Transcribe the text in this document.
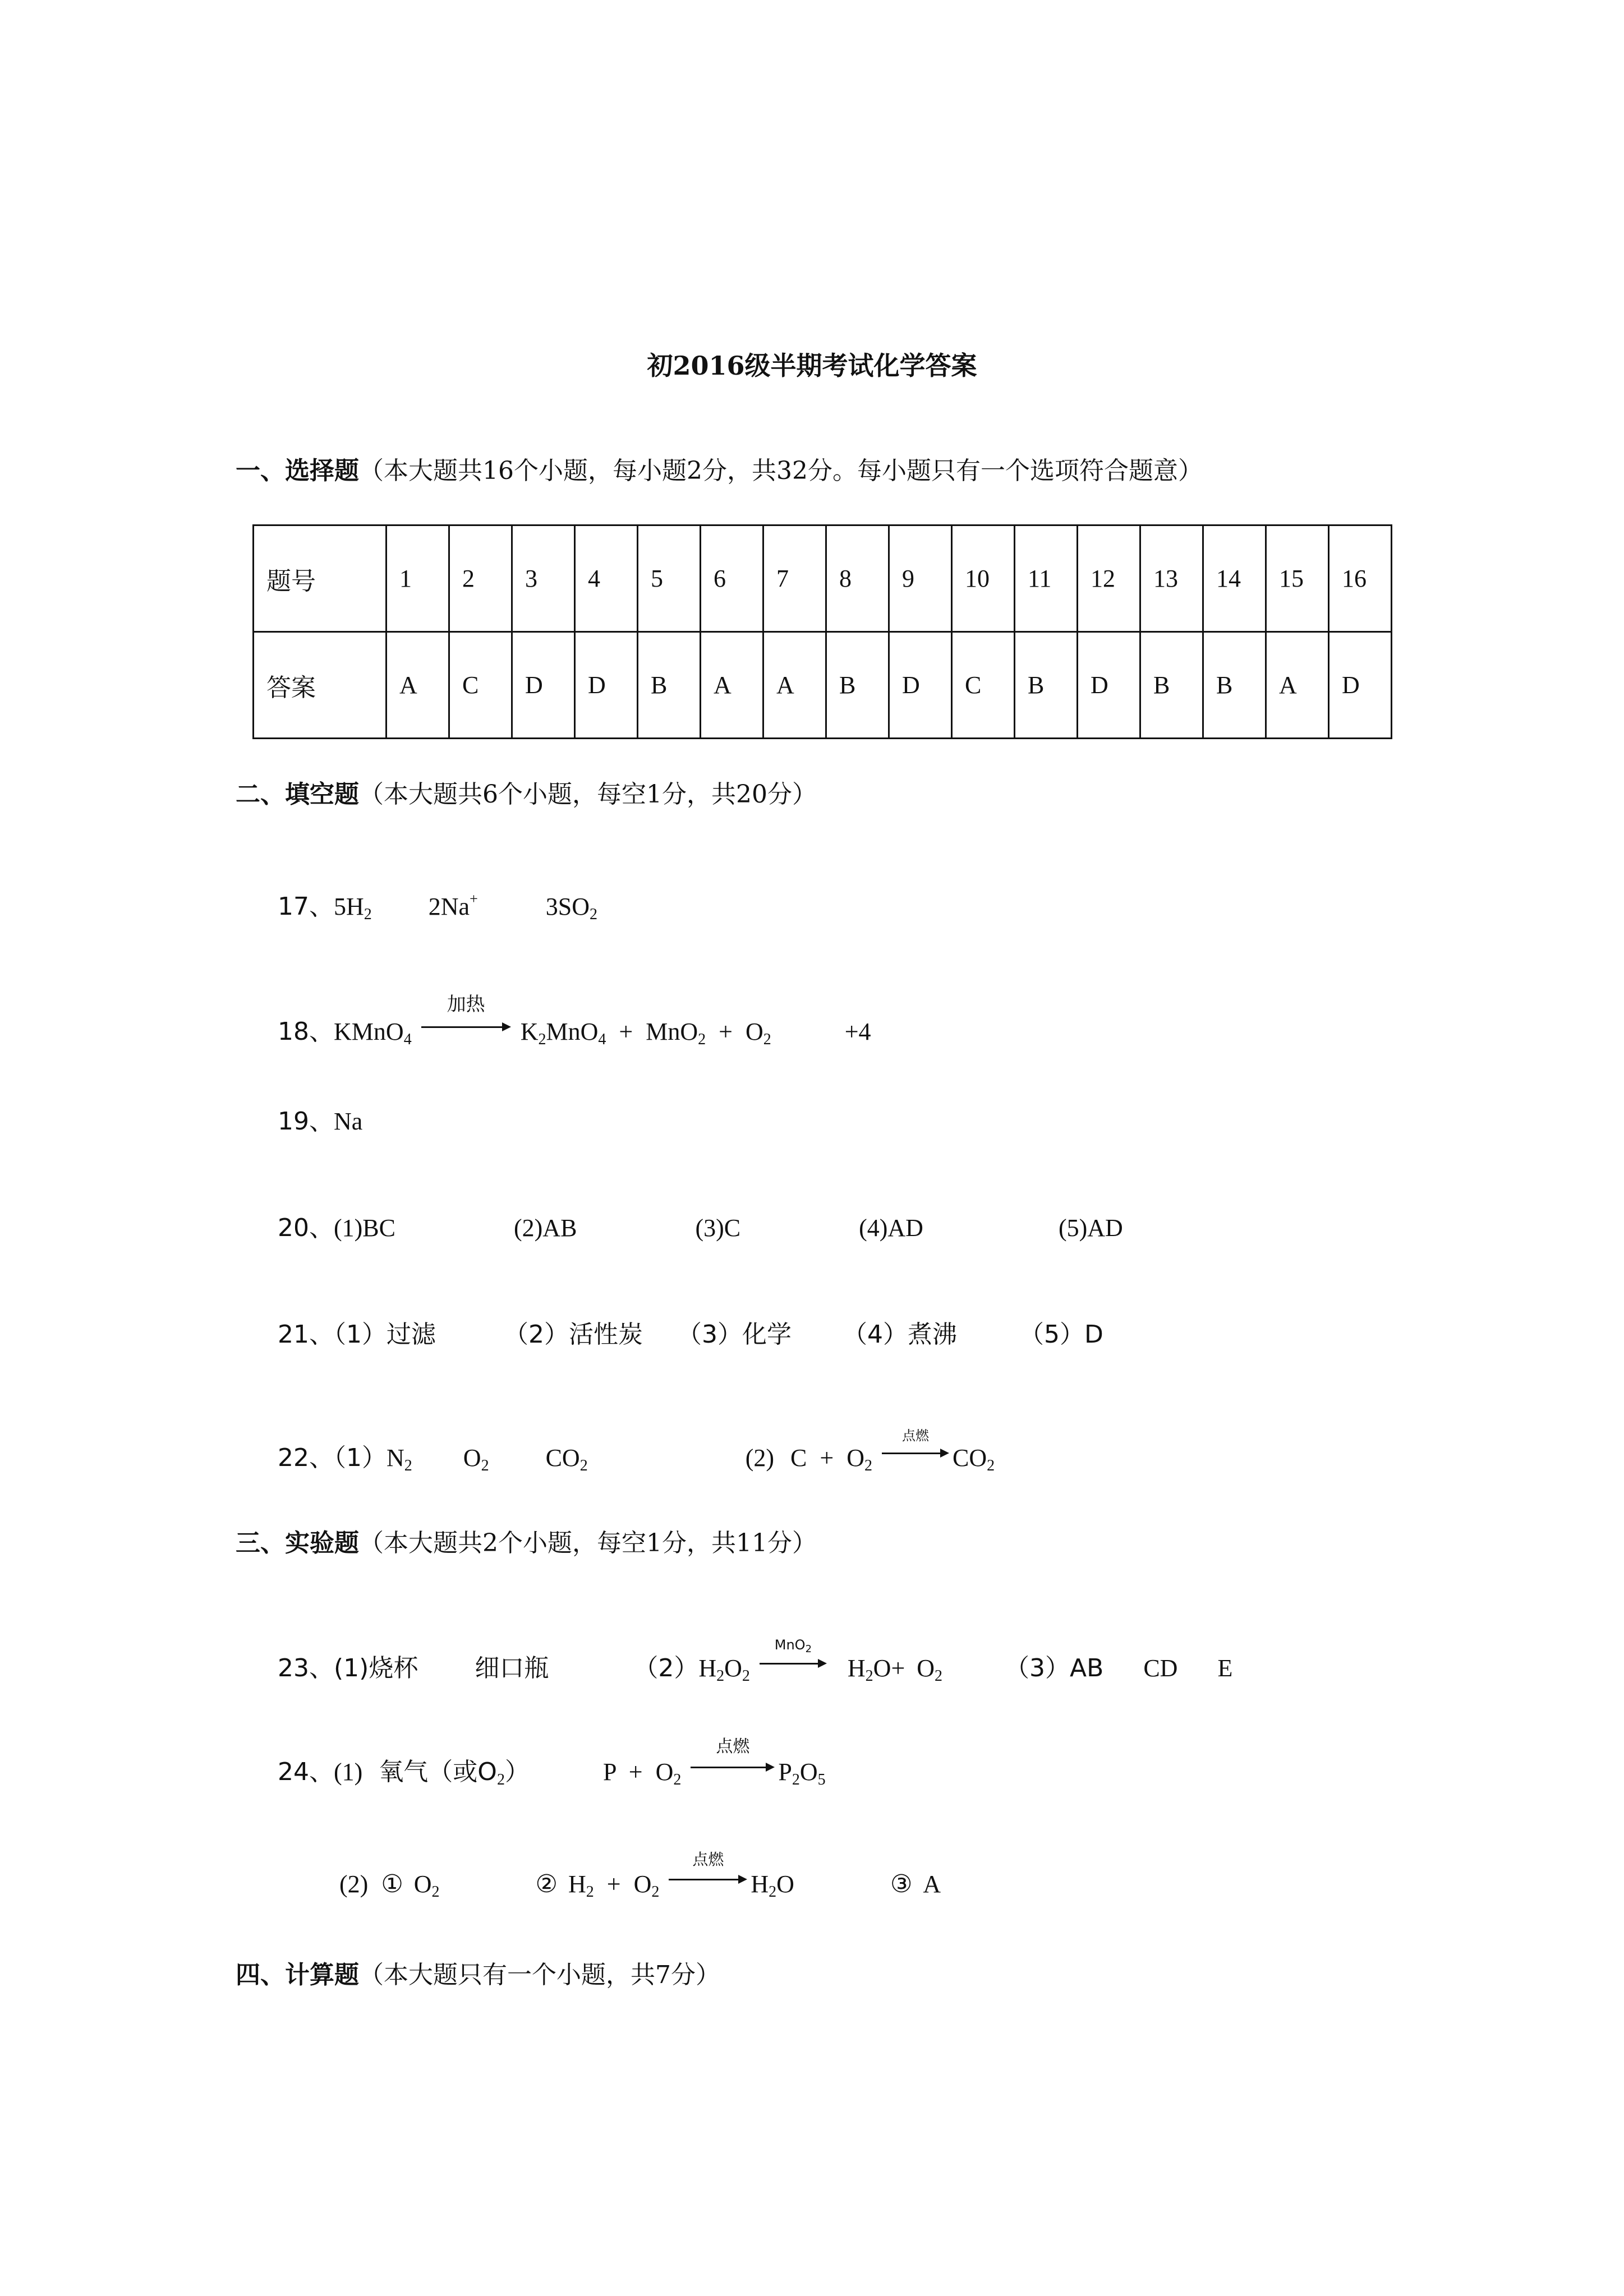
初2016级半期考试化学答案
一、选择题（本大题共16个小题，每小题2分，共32分。每小题只有一个选项符合题意）
题号	1	2	3	4	5	6	7	8	9	10	11	12	13	14	15	16
答案	A	C	D	D	B	A	A	B	D	C	B	D	B	B	A	D
二、填空题（本大题共6个小题，每空1分，共20分）
17、$5H_2$ 2Na+	$3SO_2$
18、KMnO$_4$
加热
$K_2MnO_4 + MnO_2 + O_2$	+4
19、Na
20、(1)BC	(2)AB	(3)C	(4)AD	(5)AD
21、（1）过滤	（2）活性炭 （3）化学 （4）煮沸	（5）D
22、$(1)N_2$ $O_2$ $CO_2$	(2) $C + O_2$
点燃
$CO_2$
三、实验题（本大题共2个小题，每空1分，共11分）
23、(1)烧杯 细口瓶	$(2)H_2O_2$
MnO$_2$
$H_2O+ O_2$	（3）AB CD E
24、(1) 氧气（或$O_2$）	$P + O_2$
点燃
$P_2O_5$
(2) ① $O_2$	② $H_2 + O_2$
点燃
$H_2O$	③ A
四、计算题（本大题只有一个小题，共7分）
